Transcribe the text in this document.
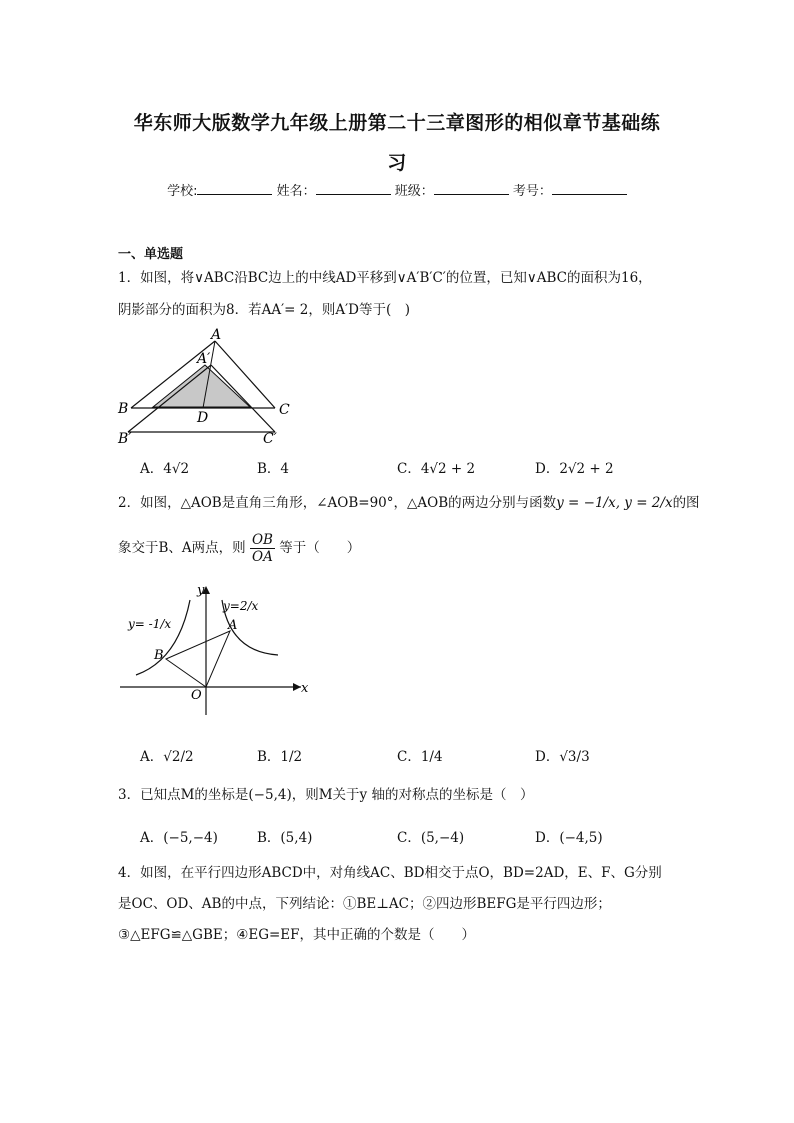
华东师大版数学九年级上册第二十三章图形的相似章节基础练
习
学校:	姓名：	班级：	考号：
一、单选题
1．如图，将∨ABC沿BC边上的中线AD平移到∨A′B′C′的位置，已知∨ABC的面积为16，
阴影部分的面积为8．若AA′= 2，则A′D等于(　)
A
A′
B	C
D
B′	C′
A．4√2	B．4	C．4√2 + 2	D．2√2 + 2
2．如图，△AOB是直角三角形，∠AOB=90°，△AOB的两边分别与函数y = −1/x, y = 2/x的图
象交于B、A两点，则 $\frac{OB}{OA}$ 等于（　　）
x
y
O
A
B
y= -1/x
y=2/x
A．√2/2	B．1/2	C．1/4	D．√3/3
3．已知点M的坐标是(−5,4)，则M关于y 轴的对称点的坐标是（　）
A．(−5,−4)	B．(5,4)	C．(5,−4)	D．(−4,5)
4．如图，在平行四边形ABCD中，对角线AC、BD相交于点O，BD=2AD，E、F、G分别
是OC、OD、AB的中点，下列结论：①BE⊥AC；②四边形BEFG是平行四边形；
③△EFG≌△GBE；④EG=EF，其中正确的个数是（　　）
